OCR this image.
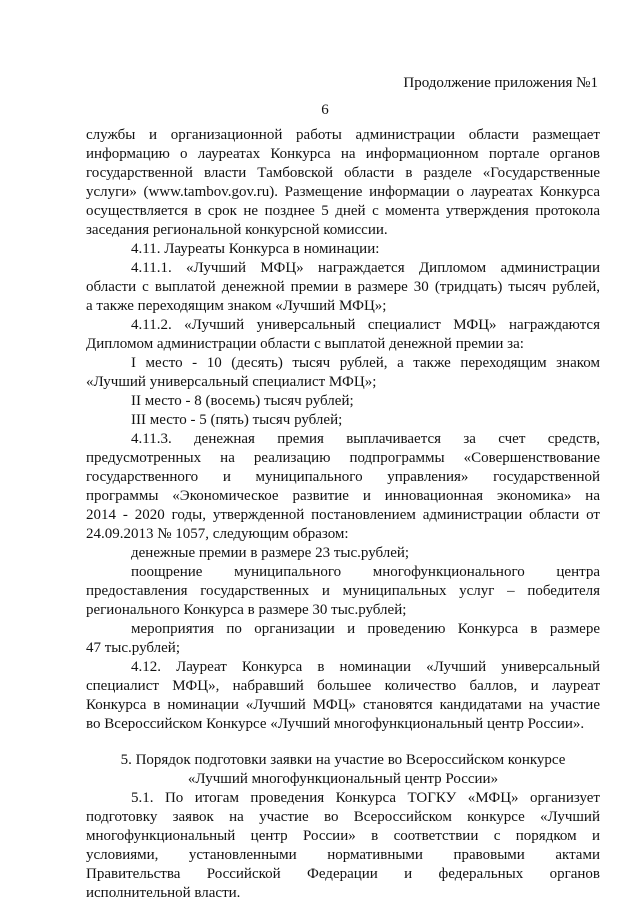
Продолжение приложения №1
6
службы и организационной работы администрации области размещает
информацию о лауреатах Конкурса на информационном портале органов
государственной власти Тамбовской области в разделе «Государственные
услуги» (www.tambov.gov.ru). Размещение информации о лауреатах Конкурса
осуществляется в срок не позднее 5 дней с момента утверждения протокола
заседания региональной конкурсной комиссии.
4.11. Лауреаты Конкурса в номинации:
4.11.1. «Лучший МФЦ» награждается Дипломом администрации
области с выплатой денежной премии в размере 30 (тридцать) тысяч рублей,
а также переходящим знаком «Лучший МФЦ»;
4.11.2. «Лучший универсальный специалист МФЦ» награждаются
Дипломом администрации области с выплатой денежной премии за:
I место - 10 (десять) тысяч рублей, а также переходящим знаком
«Лучший универсальный специалист МФЦ»;
II место - 8 (восемь) тысяч рублей;
III место - 5 (пять) тысяч рублей;
4.11.3. денежная премия выплачивается за счет средств,
предусмотренных на реализацию подпрограммы «Совершенствование
государственного и муниципального управления» государственной
программы «Экономическое развитие и инновационная экономика» на
2014 - 2020 годы, утвержденной постановлением администрации области от
24.09.2013 № 1057, следующим образом:
денежные премии в размере 23 тыс.рублей;
поощрение муниципального многофункционального центра
предоставления государственных и муниципальных услуг – победителя
регионального Конкурса в размере 30 тыс.рублей;
мероприятия по организации и проведению Конкурса в размере
47 тыс.рублей;
4.12. Лауреат Конкурса в номинации «Лучший универсальный
специалист МФЦ», набравший большее количество баллов, и лауреат
Конкурса в номинации «Лучший МФЦ» становятся кандидатами на участие
во Всероссийском Конкурсе «Лучший многофункциональный центр России».
5. Порядок подготовки заявки на участие во Всероссийском конкурсе
«Лучший многофункциональный центр России»
5.1. По итогам проведения Конкурса ТОГКУ «МФЦ» организует
подготовку заявок на участие во Всероссийском конкурсе «Лучший
многофункциональный центр России» в соответствии с порядком и
условиями, установленными нормативными правовыми актами
Правительства Российской Федерации и федеральных органов
исполнительной власти.
